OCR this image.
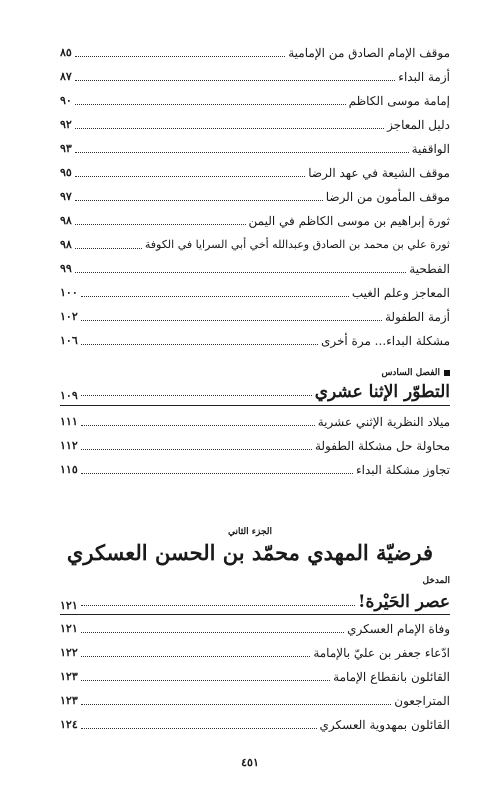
موقف الإمام الصادق من الإمامية
٨٥
أزمة البداء
٨٧
إمامة موسى الكاظم
٩٠
دليل المعاجز
٩٢
الواقفية
٩٣
موقف الشيعة في عهد الرضا
٩٥
موقف المأمون من الرضا
٩٧
ثورة إبراهيم بن موسى الكاظم في اليمن
٩٨
ثورة علي بن محمد بن الصادق وعبدالله أخي أبي السرايا في الكوفة
٩٨
الفطحية
٩٩
المعاجز وعلم الغيب
١٠٠
أزمة الطفولة
١٠٢
مشكلة البداء... مرة أخرى
١٠٦
الفصل السادس
التطوّر الإثنا عشري
١٠٩
ميلاد النظرية الإثني عشرية
١١١
محاولة حل مشكلة الطفولة
١١٢
تجاوز مشكلة البداء
١١٥
الجزء الثاني
فرضيّة المهدي محمّد بن الحسن العسكري
المدخل
عصر الحَيْرة!
١٢١
وفاة الإمام العسكري
١٢١
ادّعاء جعفر بن عليّ بالإمامة
١٢٢
القائلون بانقطاع الإمامة
١٢٣
المتراجعون
١٢٣
القائلون بمهدوية العسكري
١٢٤
٤٥١
